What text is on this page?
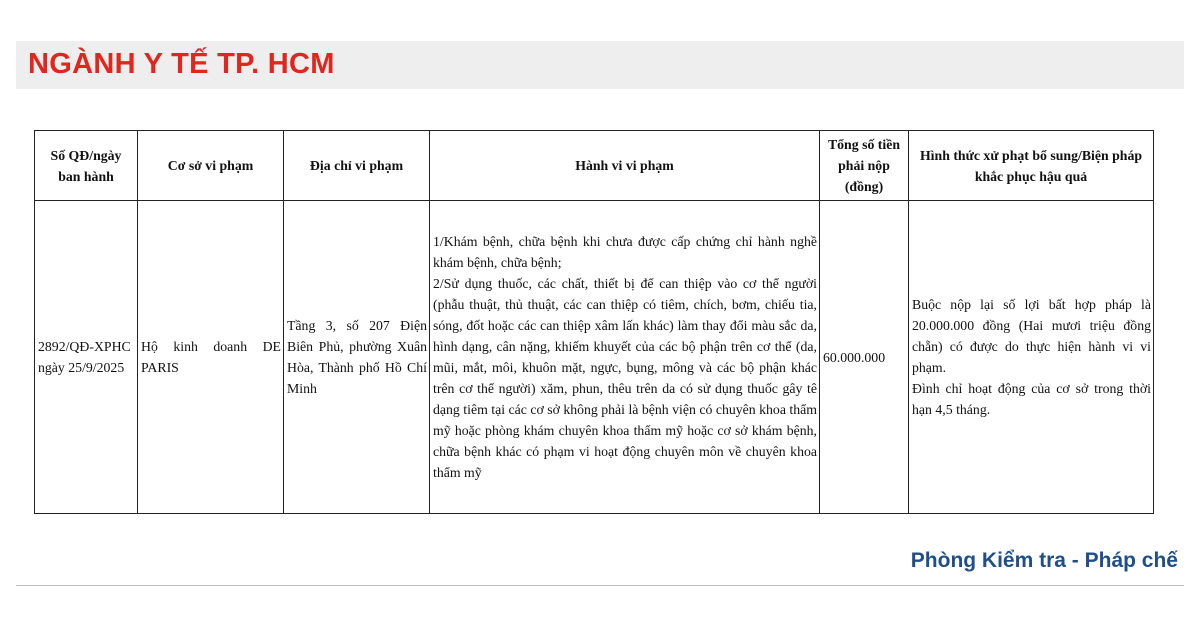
NGÀNH Y TẾ TP. HCM
Số QĐ/ngày ban hành	Cơ sở vi phạm	Địa chỉ vi phạm	Hành vi vi phạm	Tổng số tiền phải nộp (đồng)	Hình thức xử phạt bổ sung/Biện pháp khắc phục hậu quả
2892/QĐ-XPHC ngày 25/9/2025	Hộ kinh doanh DE PARIS	Tầng 3, số 207 Điện Biên Phủ, phường Xuân Hòa, Thành phố Hồ Chí Minh	1/Khám bệnh, chữa bệnh khi chưa được cấp chứng chỉ hành nghề khám bệnh, chữa bệnh;
2/Sử dụng thuốc, các chất, thiết bị để can thiệp vào cơ thể người (phẫu thuật, thủ thuật, các can thiệp có tiêm, chích, bơm, chiếu tia, sóng, đốt hoặc các can thiệp xâm lấn khác) làm thay đổi màu sắc da, hình dạng, cân nặng, khiếm khuyết của các bộ phận trên cơ thể (da, mũi, mắt, môi, khuôn mặt, ngực, bụng, mông và các bộ phận khác trên cơ thể người) xăm, phun, thêu trên da có sử dụng thuốc gây tê dạng tiêm tại các cơ sở không phải là bệnh viện có chuyên khoa thẩm mỹ hoặc phòng khám chuyên khoa thẩm mỹ hoặc cơ sở khám bệnh, chữa bệnh khác có phạm vi hoạt động chuyên môn về chuyên khoa thẩm mỹ	60.000.000	Buộc nộp lại số lợi bất hợp pháp là 20.000.000 đồng (Hai mươi triệu đồng chẵn) có được do thực hiện hành vi vi phạm.
Đình chỉ hoạt động của cơ sở trong thời hạn 4,5 tháng.
Phòng Kiểm tra - Pháp chế
